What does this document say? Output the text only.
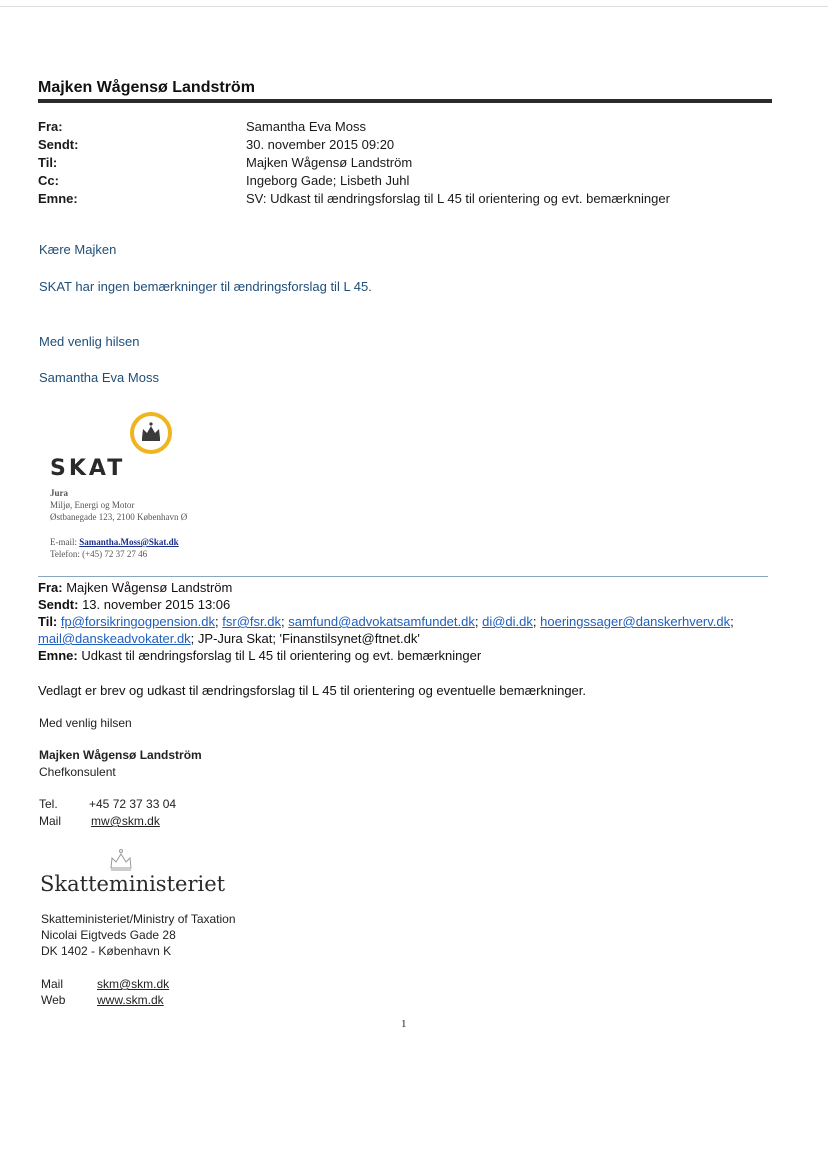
Majken Wågensø Landström
Fra:	Samantha Eva Moss
Sendt:	30. november 2015 09:20
Til:	Majken Wågensø Landström
Cc:	Ingeborg Gade; Lisbeth Juhl
Emne:	SV: Udkast til ændringsforslag til L 45 til orientering og evt. bemærkninger
Kære Majken
SKAT har ingen bemærkninger til ændringsforslag til L 45.
Med venlig hilsen
Samantha Eva Moss
SKAT
Jura
Miljø, Energi og Motor
Østbanegade 123, 2100 København Ø
E-mail: Samantha.Moss@Skat.dk
Telefon: (+45) 72 37 27 46
Fra: Majken Wågensø Landström
Sendt: 13. november 2015 13:06
Til: fp@forsikringogpension.dk; fsr@fsr.dk; samfund@advokatsamfundet.dk; di@di.dk; hoeringssager@danskerhverv.dk;
mail@danskeadvokater.dk; JP-Jura Skat; 'Finanstilsynet@ftnet.dk'
Emne: Udkast til ændringsforslag til L 45 til orientering og evt. bemærkninger
Vedlagt er brev og udkast til ændringsforslag til L 45 til orientering og eventuelle bemærkninger.
Med venlig hilsen
Majken Wågensø Landström
Chefkonsulent
Tel.	+45 72 37 33 04
Mail mw@skm.dk
Skatteministeriet
Skatteministeriet/Ministry of Taxation
Nicolai Eigtveds Gade 28
DK 1402 - København K
Mail	skm@skm.dk
Web	www.skm.dk
1
